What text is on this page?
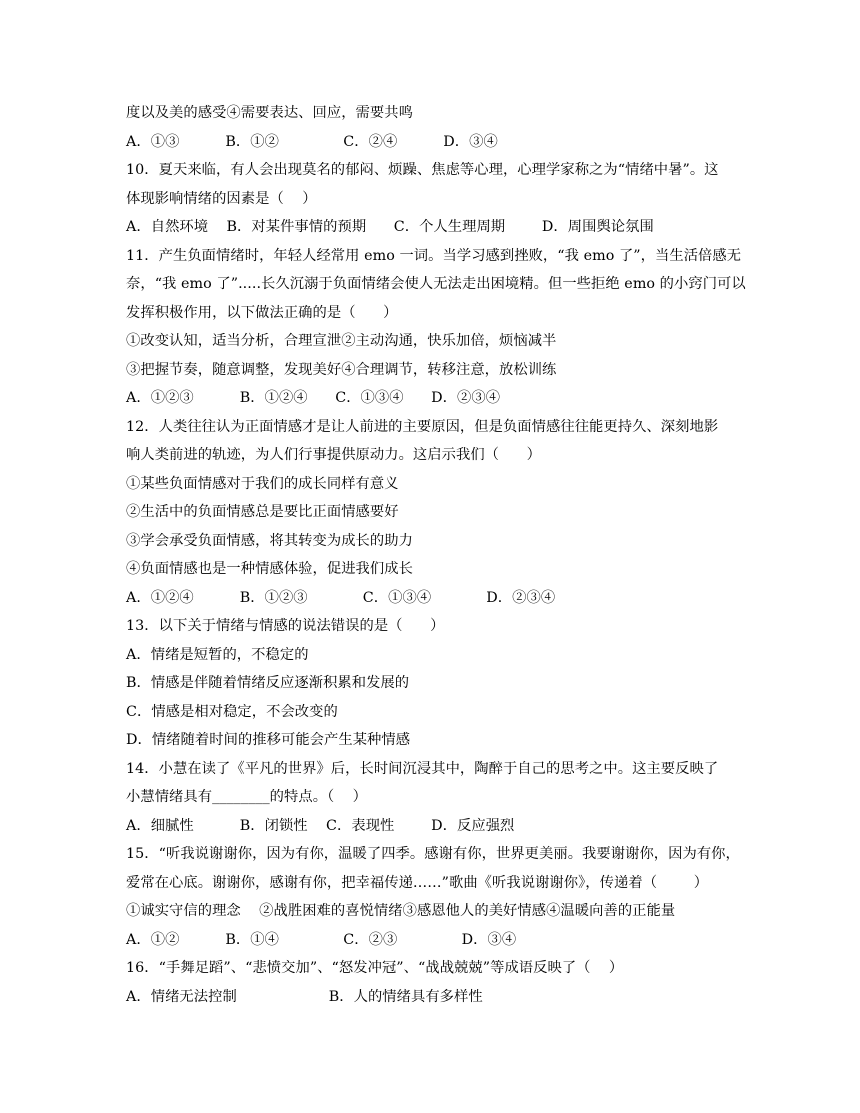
度以及美的感受④需要表达、回应，需要共鸣
A．①③          B．①②              C．②④          D．③④
10．夏天来临，有人会出现莫名的郁闷、烦躁、焦虑等心理，心理学家称之为“情绪中暑”。这
体现影响情绪的因素是（    ）
A．自然环境    B．对某件事情的预期      C．个人生理周期        D．周围舆论氛围
11．产生负面情绪时，年轻人经常用 emo 一词。当学习感到挫败，“我 emo 了”，当生活倍感无
奈，“我 emo 了”.....长久沉溺于负面情绪会使人无法走出困境精。但一些拒绝 emo 的小窍门可以
发挥积极作用，以下做法正确的是（      ）
①改变认知，适当分析，合理宣泄②主动沟通，快乐加倍，烦恼减半
③把握节奏，随意调整，发现美好④合理调节，转移注意，放松训练
A．①②③          B．①②④      C．①③④      D．②③④
12．人类往往认为正面情感才是让人前进的主要原因，但是负面情感往往能更持久、深刻地影
响人类前进的轨迹，为人们行事提供原动力。这启示我们（      ）
①某些负面情感对于我们的成长同样有意义
②生活中的负面情感总是要比正面情感要好
③学会承受负面情感，将其转变为成长的助力
④负面情感也是一种情感体验，促进我们成长
A．①②④          B．①②③            C．①③④            D．②③④
13．以下关于情绪与情感的说法错误的是（      ）
A．情绪是短暂的，不稳定的
B．情感是伴随着情绪反应逐渐积累和发展的
C．情感是相对稳定，不会改变的
D．情绪随着时间的推移可能会产生某种情感
14．小慧在读了《平凡的世界》后，长时间沉浸其中，陶醉于自己的思考之中。这主要反映了
小慧情绪具有________的特点。（    ）
A．细腻性          B．闭锁性    C．表现性        D．反应强烈
15．“听我说谢谢你，因为有你，温暖了四季。感谢有你，世界更美丽。我要谢谢你，因为有你，
爱常在心底。谢谢你，感谢有你，把幸福传递……”歌曲《听我说谢谢你》，传递着（        ）
①诚实守信的理念    ②战胜困难的喜悦情绪③感恩他人的美好情感④温暖向善的正能量
A．①②          B．①④              C．②③              D．③④
16．“手舞足蹈”、“悲愤交加”、“怒发冲冠”、“战战兢兢”等成语反映了（    ）
A．情绪无法控制                    B．人的情绪具有多样性
